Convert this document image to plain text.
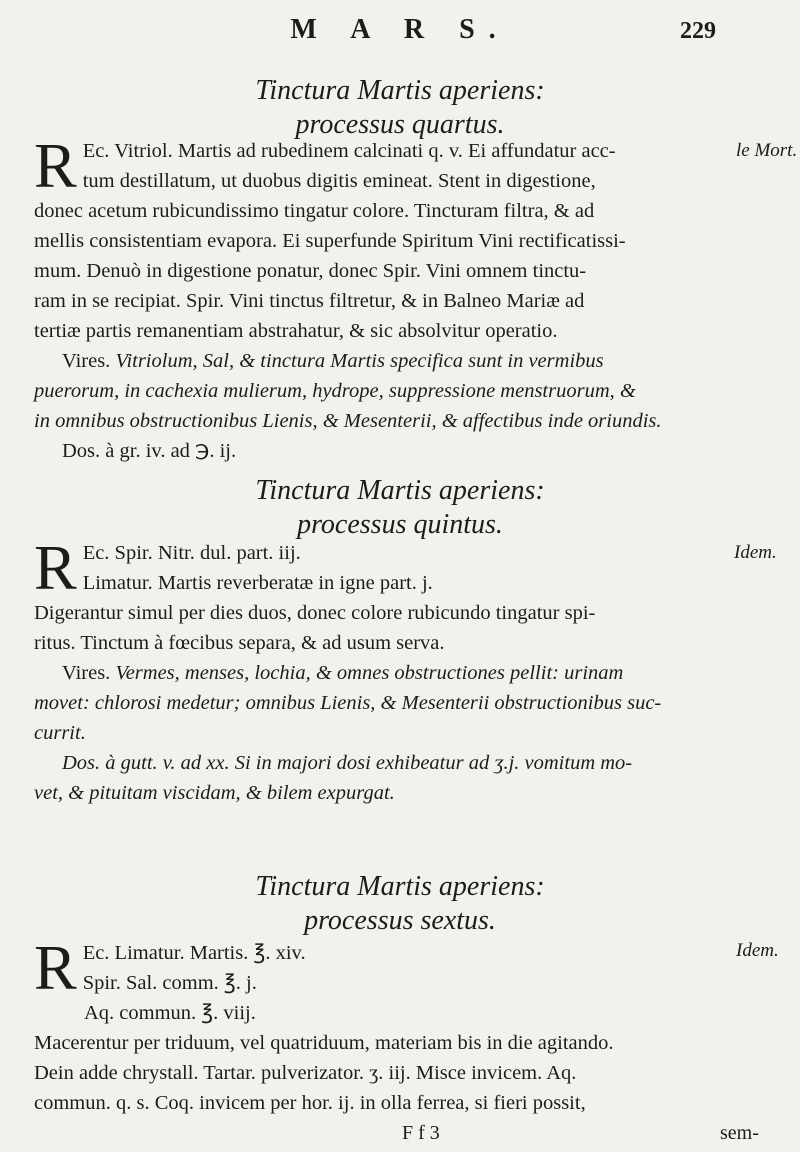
M A R S.	229
Tinctura Martis aperiens:
processus quartus.
le Mort.
R Ec. Vitriol. Martis ad rubedinem calcinati q. v. Ei affundatur acc-
tum destillatum, ut duobus digitis emineat. Stent in digestione,
donec acetum rubicundissimo tingatur colore. Tincturam filtra, & ad
mellis consistentiam evapora. Ei superfunde Spiritum Vini rectificatissi-
mum. Denuò in digestione ponatur, donec Spir. Vini omnem tinctu-
ram in se recipiat. Spir. Vini tinctus filtretur, & in Balneo Mariæ ad
tertiæ partis remanentiam abstrahatur, & sic absolvitur operatio.
Vires. Vitriolum, Sal, & tinctura Martis specifica sunt in vermibus
puerorum, in cachexia mulierum, hydrope, suppressione menstruorum, &
in omnibus obstructionibus Lienis, & Mesenterii, & affectibus inde oriundis.
Dos. à gr. iv. ad ℈. ij.
Tinctura Martis aperiens:
processus quintus.
Idem.
R Ec. Spir. Nitr. dul. part. iij.
Limatur. Martis reverberatæ in igne part. j.
Digerantur simul per dies duos, donec colore rubicundo tingatur spi-
ritus. Tinctum à fœcibus separa, & ad usum serva.
Vires. Vermes, menses, lochia, & omnes obstructiones pellit: urinam
movet: chlorosi medetur; omnibus Lienis, & Mesenterii obstructionibus suc-
currit.
Dos. à gutt. v. ad xx. Si in majori dosi exhibeatur ad ʒ.j. vomitum mo-
vet, & pituitam viscidam, & bilem expurgat.
Tinctura Martis aperiens:
processus sextus.
Idem.
R Ec. Limatur. Martis. ℥. xiv.
Spir. Sal. comm. ℥. j.
Aq. commun. ℥. viij.
Macerentur per triduum, vel quatriduum, materiam bis in die agitando.
Dein adde chrystall. Tartar. pulverizator. ʒ. iij. Misce invicem. Aq.
commun. q. s. Coq. invicem per hor. ij. in olla ferrea, si fieri possit,
F f 3	sem-
